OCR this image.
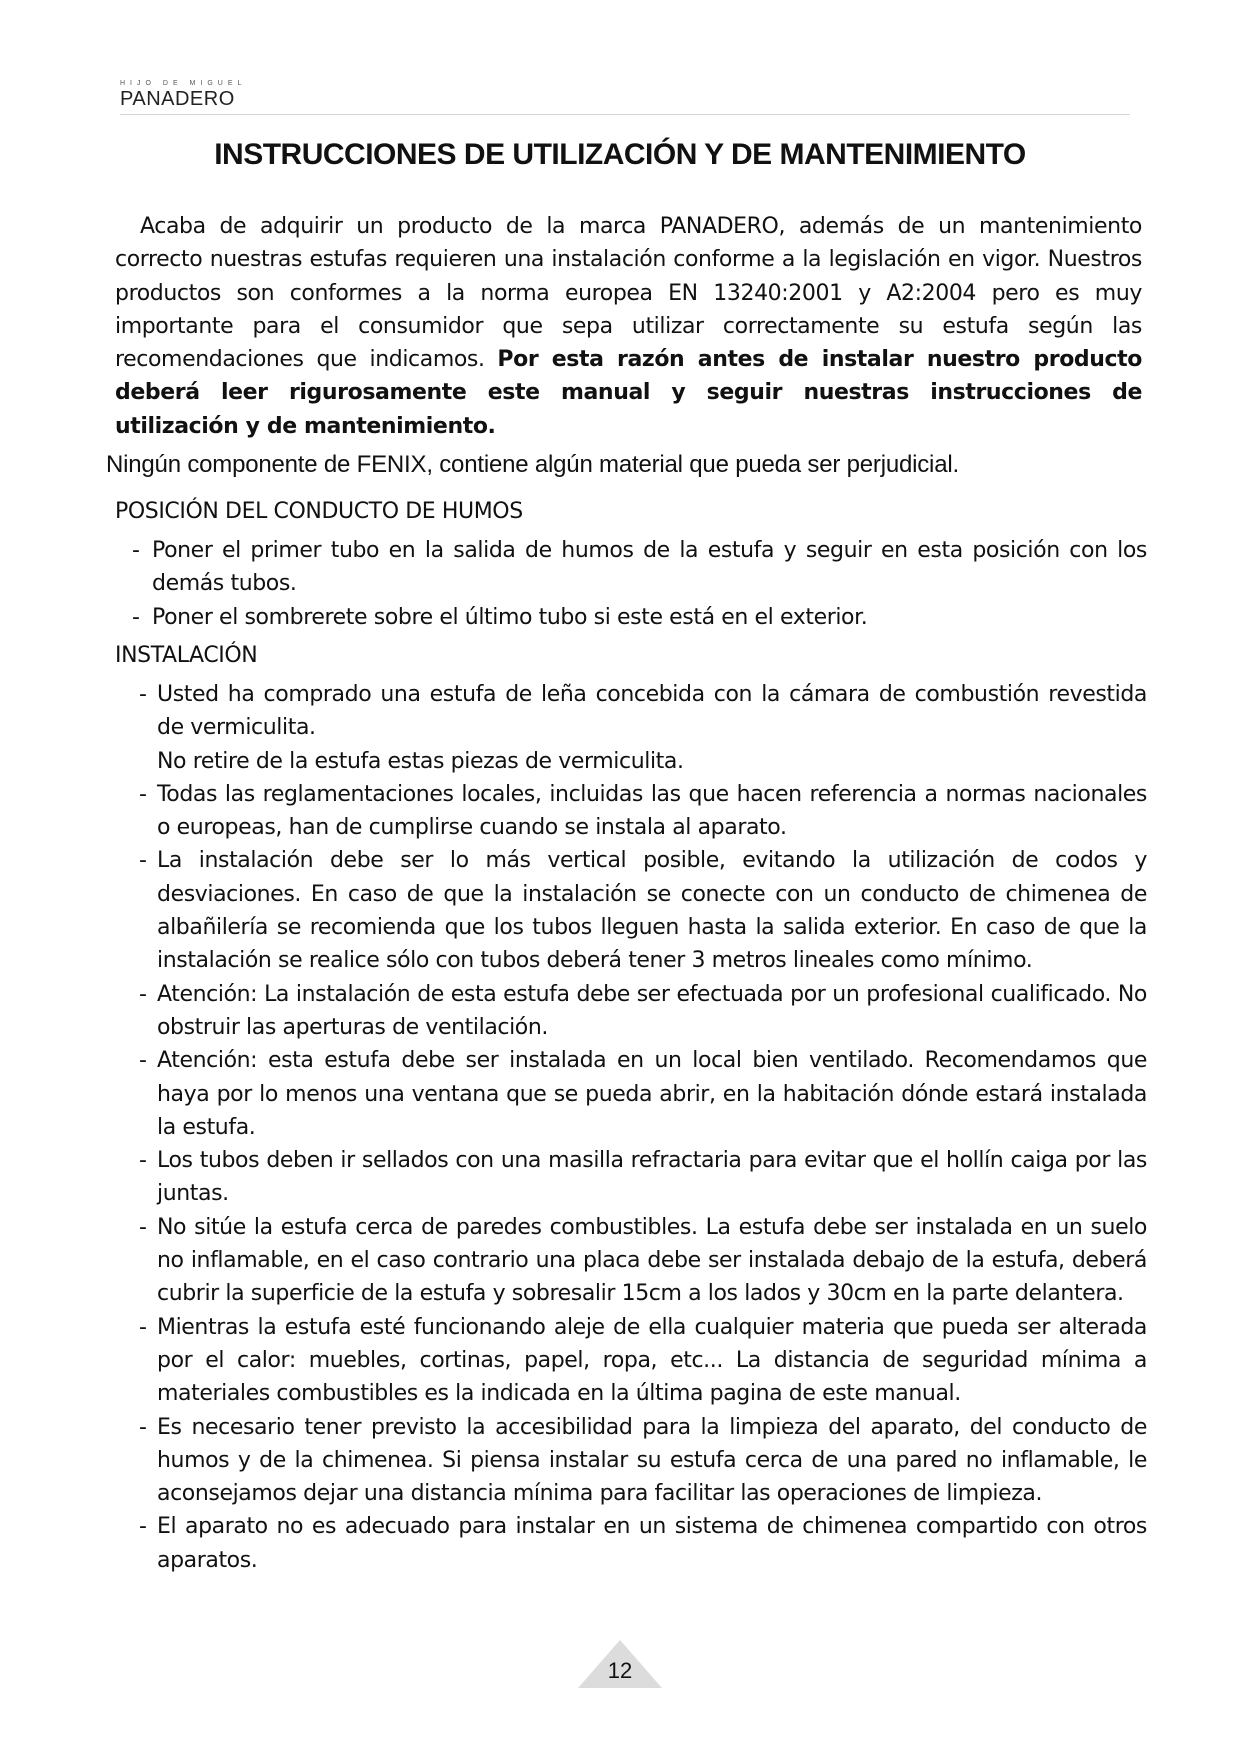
HIJO DE MIGUEL
PANADERO
INSTRUCCIONES DE UTILIZACIÓN Y DE MANTENIMIENTO

Acaba de adquirir un producto de la marca PANADERO, además de un mantenimiento correcto nuestras estufas requieren una instalación conforme a la legislación en vigor. Nuestros productos son conformes a la norma europea EN 13240:2001 y A2:2004 pero es muy importante para el consumidor que sepa utilizar correctamente su estufa según las recomendaciones que indicamos. Por esta razón antes de instalar nuestro producto deberá leer rigurosamente este manual y seguir nuestras instrucciones de utilización y de mantenimiento.

Ningún componente de FENIX, contiene algún material que pueda ser perjudicial.

POSICIÓN DEL CONDUCTO DE HUMOS
- Poner el primer tubo en la salida de humos de la estufa y seguir en esta posición con los demás tubos.
- Poner el sombrerete sobre el último tubo si este está en el exterior.
INSTALACIÓN
- Usted ha comprado una estufa de leña concebida con la cámara de combustión revestida de vermiculita.
No retire de la estufa estas piezas de vermiculita.
- Todas las reglamentaciones locales, incluidas las que hacen referencia a normas nacionales o europeas, han de cumplirse cuando se instala al aparato.
- La instalación debe ser lo más vertical posible, evitando la utilización de codos y desviaciones. En caso de que la instalación se conecte con un conducto de chimenea de albañilería se recomienda que los tubos lleguen hasta la salida exterior. En caso de que la instalación se realice sólo con tubos deberá tener 3 metros lineales como mínimo.
- Atención: La instalación de esta estufa debe ser efectuada por un profesional cualificado. No obstruir las aperturas de ventilación.
- Atención: esta estufa debe ser instalada en un local bien ventilado. Recomendamos que haya por lo menos una ventana que se pueda abrir, en la habitación dónde estará instalada la estufa.
- Los tubos deben ir sellados con una masilla refractaria para evitar que el hollín caiga por las juntas.
- No sitúe la estufa cerca de paredes combustibles. La estufa debe ser instalada en un suelo no inflamable, en el caso contrario una placa debe ser instalada debajo de la estufa, deberá cubrir la superficie de la estufa y sobresalir 15cm a los lados y 30cm en la parte delantera.
- Mientras la estufa esté funcionando aleje de ella cualquier materia que pueda ser alterada por el calor: muebles, cortinas, papel, ropa, etc... La distancia de seguridad mínima a materiales combustibles es la indicada en la última pagina de este manual.
- Es necesario tener previsto la accesibilidad para la limpieza del aparato, del conducto de humos y de la chimenea. Si piensa instalar su estufa cerca de una pared no inflamable, le aconsejamos dejar una distancia mínima para facilitar las operaciones de limpieza.
- El aparato no es adecuado para instalar en un sistema de chimenea compartido con otros aparatos.
12
